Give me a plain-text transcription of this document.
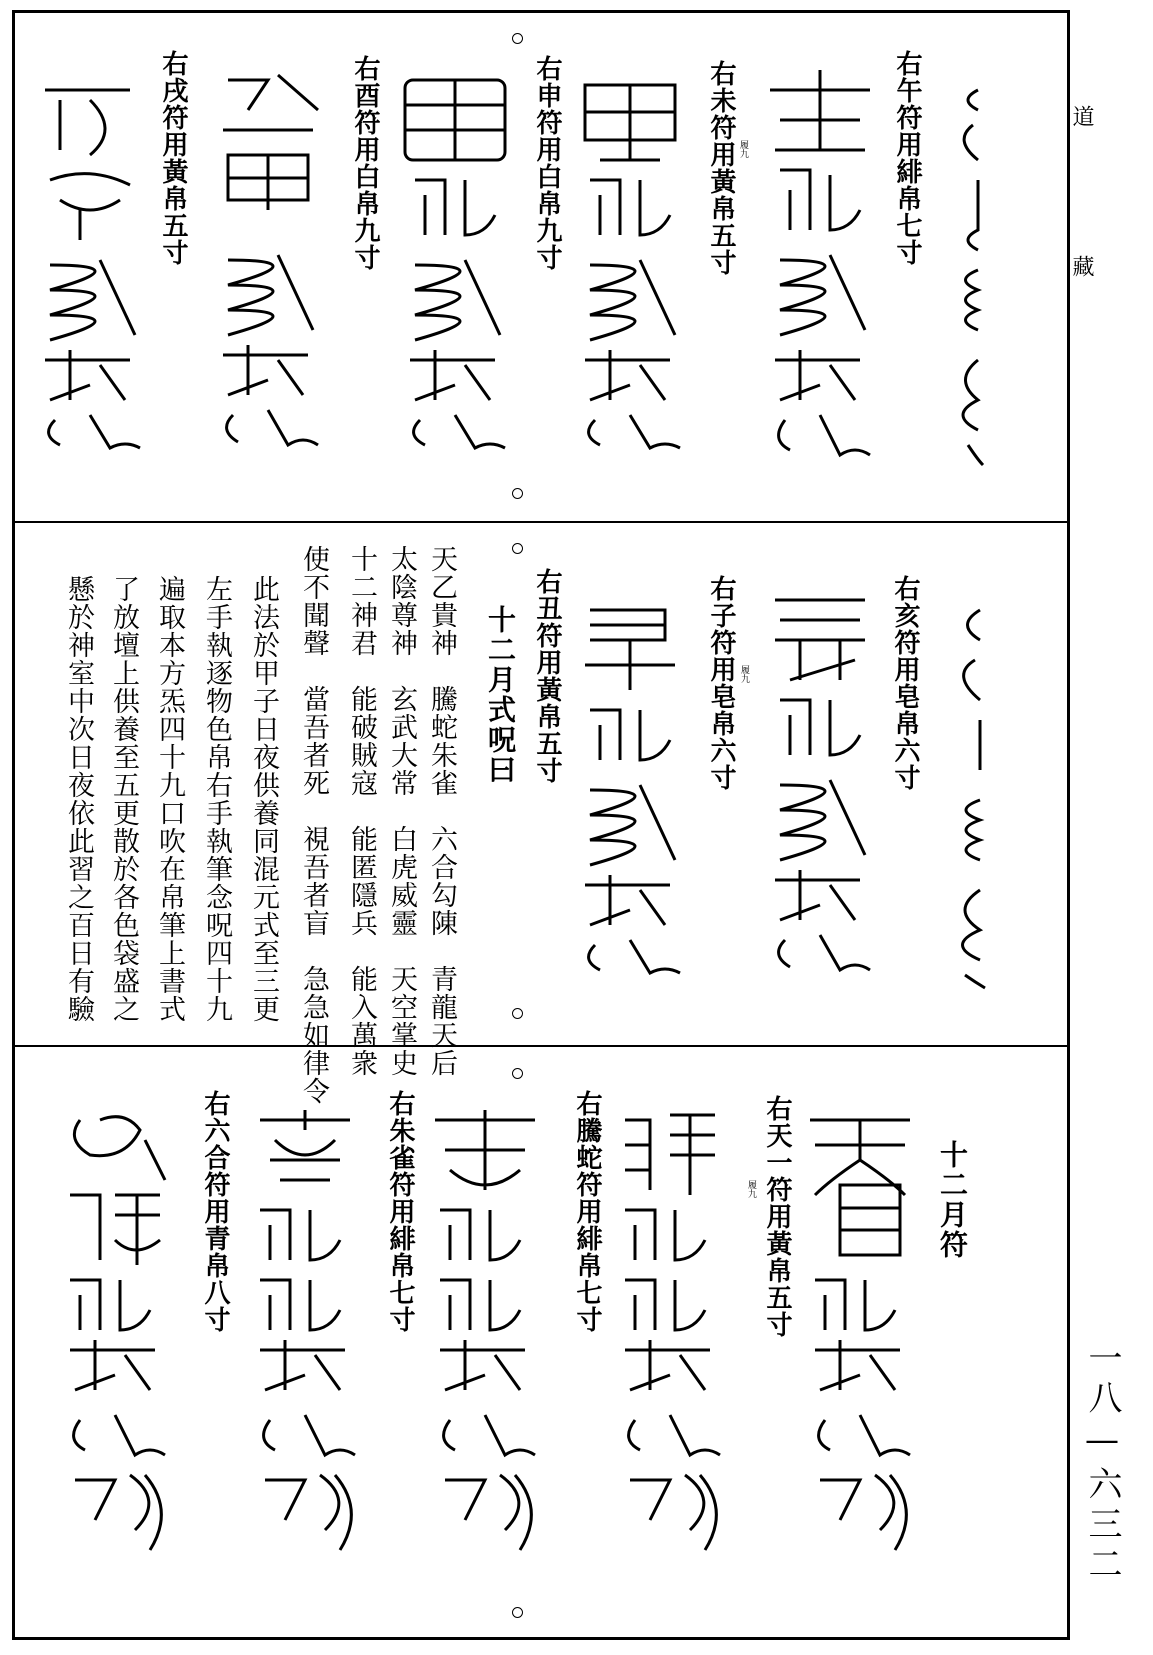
道
藏
一八—六三二
右午符用緋帛七寸
右未符用黃帛五寸 履九
右申符用白帛九寸
右酉符用白帛九寸
右戌符用黃帛五寸
右亥符用皂帛六寸
右子符用皂帛六寸 履九
右丑符用黃帛五寸
十二月式呪曰
天乙貴神　騰蛇朱雀　六合勾陳　青龍天后
太陰尊神　玄武大常　白虎威靈　天空掌史
十二神君　能破賊寇　能匿隱兵　能入萬衆
使不聞聲　當吾者死　視吾者盲　急急如律令
此法於甲子日夜供養同混元式至三更
左手執逐物色帛右手執筆念呪四十九
遍取本方炁四十九口吹在帛筆上書式
了放壇上供養至五更散於各色袋盛之
懸於神室中次日夜依此習之百日有驗
十二月符
右天一符用黃帛五寸
履九
右騰蛇符用緋帛七寸
右朱雀符用緋帛七寸
右六合符用青帛八寸
